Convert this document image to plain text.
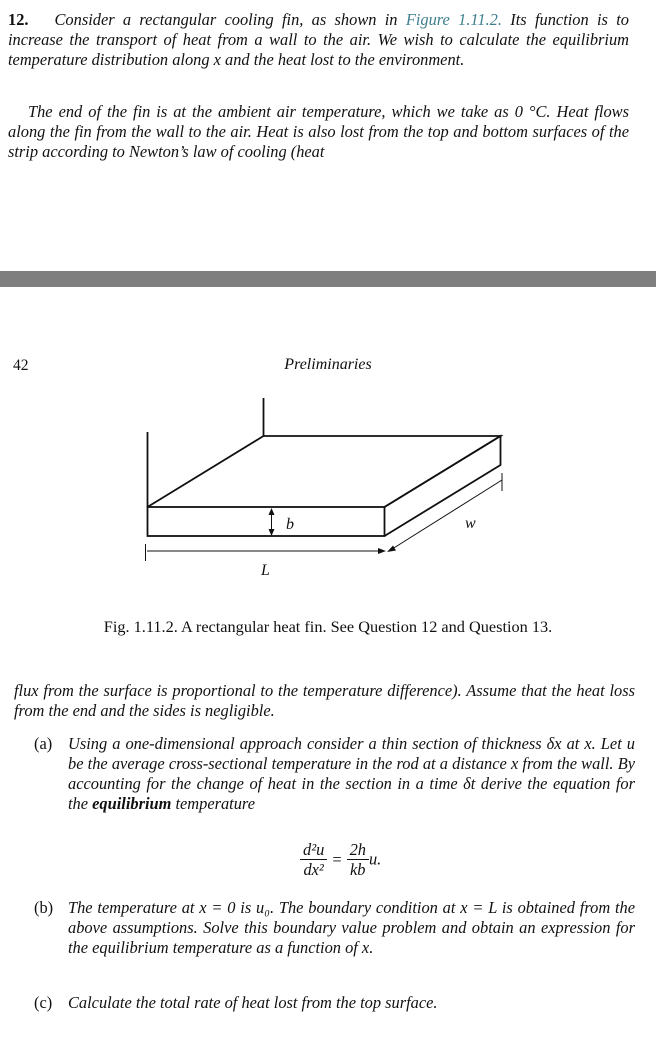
12. Consider a rectangular cooling fin, as shown in Figure 1.11.2. Its function is to increase the transport of heat from a wall to the air. We wish to calculate the equilibrium temperature distribution along x and the heat lost to the environment.

The end of the fin is at the ambient air temperature, which we take as 0 °C. Heat flows along the fin from the wall to the air. Heat is also lost from the top and bottom surfaces of the strip according to Newton’s law of cooling (heat

42	Preliminaries
b	w
L
Fig. 1.11.2. A rectangular heat fin. See Question 12 and Question 13.

flux from the surface is proportional to the temperature difference). Assume that the heat loss from the end and the sides is negligible.

(a) Using a one-dimensional approach consider a thin section of thickness δx at x. Let u be the average cross-sectional temperature in the rod at a distance x from the wall. By accounting for the change of heat in the section in a time δt derive the equation for the equilibrium temperature
$\frac{\text{d²u}}{\text{dx²}} = \frac{2h}{kb} u$.
(b) The temperature at x = 0 is u₀. The boundary condition at x = L is obtained from the above assumptions. Solve this boundary value problem and obtain an expression for the equilibrium temperature as a function of x.
(c) Calculate the total rate of heat lost from the top surface.
